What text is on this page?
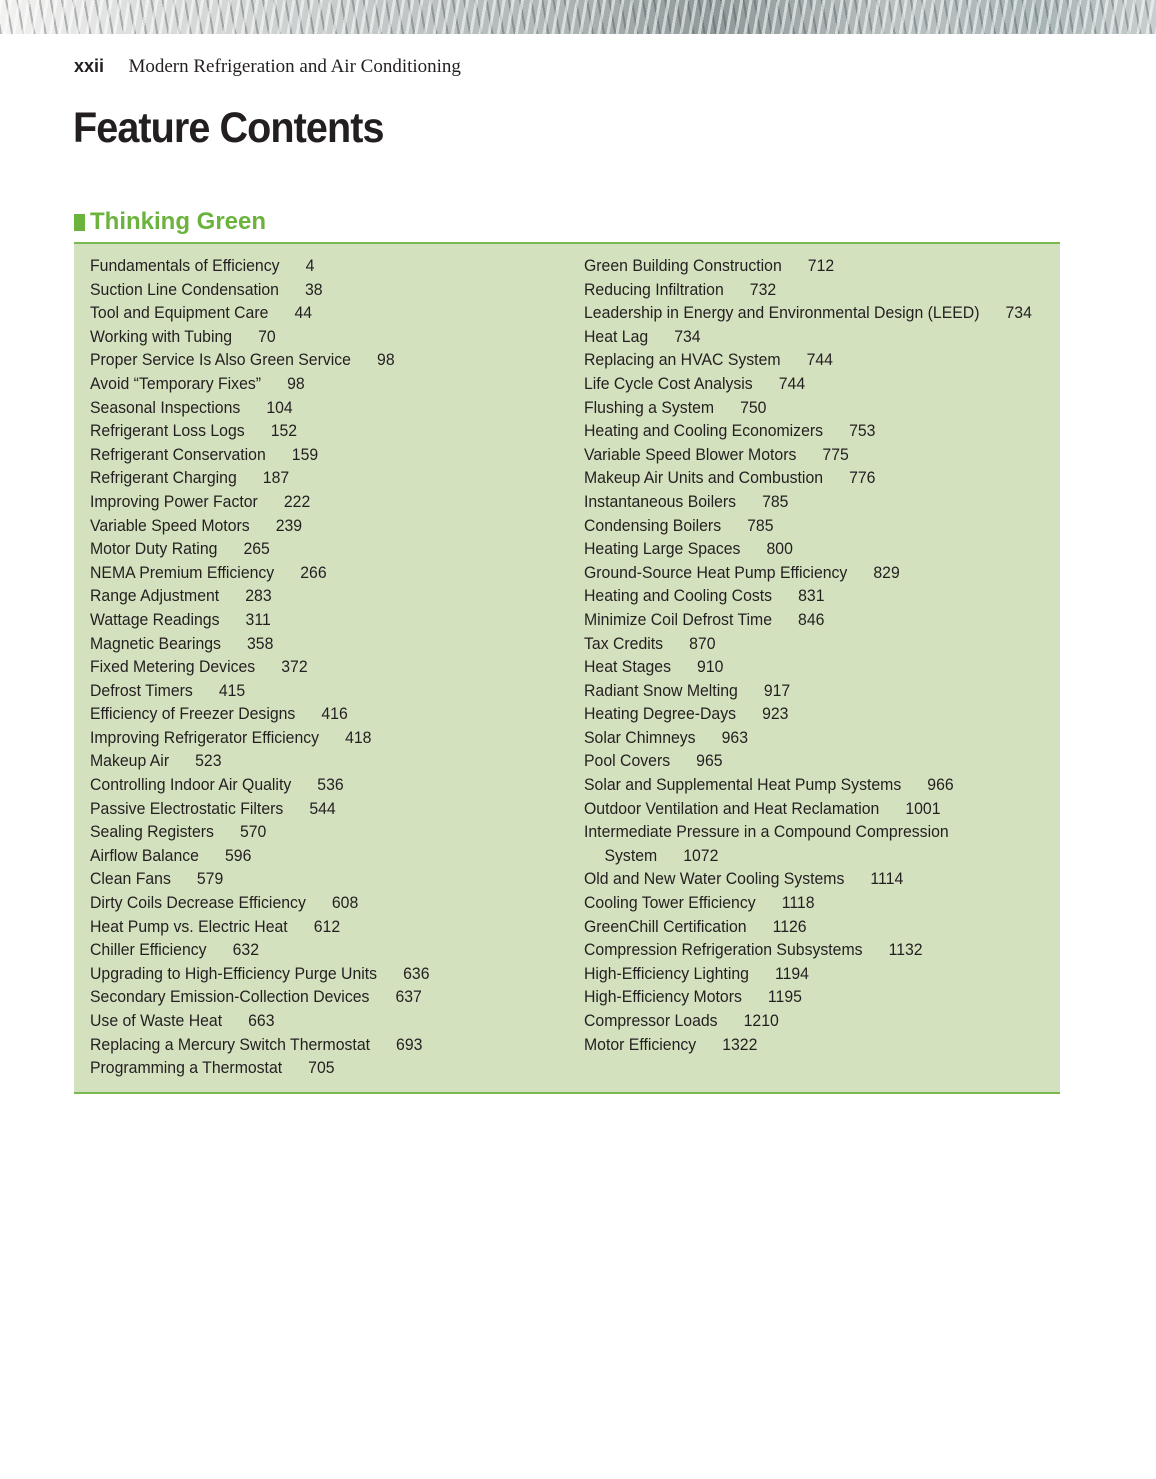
xxii Modern Refrigeration and Air Conditioning
Feature Contents
Thinking Green
Fundamentals of Efficiency 4
Suction Line Condensation 38
Tool and Equipment Care 44
Working with Tubing 70
Proper Service Is Also Green Service 98
Avoid “Temporary Fixes” 98
Seasonal Inspections 104
Refrigerant Loss Logs 152
Refrigerant Conservation 159
Refrigerant Charging 187
Improving Power Factor 222
Variable Speed Motors 239
Motor Duty Rating 265
NEMA Premium Efficiency 266
Range Adjustment 283
Wattage Readings 311
Magnetic Bearings 358
Fixed Metering Devices 372
Defrost Timers 415
Efficiency of Freezer Designs 416
Improving Refrigerator Efficiency 418
Makeup Air 523
Controlling Indoor Air Quality 536
Passive Electrostatic Filters 544
Sealing Registers 570
Airflow Balance 596
Clean Fans 579
Dirty Coils Decrease Efficiency 608
Heat Pump vs. Electric Heat 612
Chiller Efficiency 632
Upgrading to High-Efficiency Purge Units 636
Secondary Emission-Collection Devices 637
Use of Waste Heat 663
Replacing a Mercury Switch Thermostat 693
Programming a Thermostat 705
Green Building Construction 712
Reducing Infiltration 732
Leadership in Energy and Environmental Design (LEED) 734
Heat Lag 734
Replacing an HVAC System 744
Life Cycle Cost Analysis 744
Flushing a System 750
Heating and Cooling Economizers 753
Variable Speed Blower Motors 775
Makeup Air Units and Combustion 776
Instantaneous Boilers 785
Condensing Boilers 785
Heating Large Spaces 800
Ground-Source Heat Pump Efficiency 829
Heating and Cooling Costs 831
Minimize Coil Defrost Time 846
Tax Credits 870
Heat Stages 910
Radiant Snow Melting 917
Heating Degree-Days 923
Solar Chimneys 963
Pool Covers 965
Solar and Supplemental Heat Pump Systems 966
Outdoor Ventilation and Heat Reclamation 1001
Intermediate Pressure in a Compound Compression
System 1072
Old and New Water Cooling Systems 1114
Cooling Tower Efficiency 1118
GreenChill Certification 1126
Compression Refrigeration Subsystems 1132
High-Efficiency Lighting 1194
High-Efficiency Motors 1195
Compressor Loads 1210
Motor Efficiency 1322
